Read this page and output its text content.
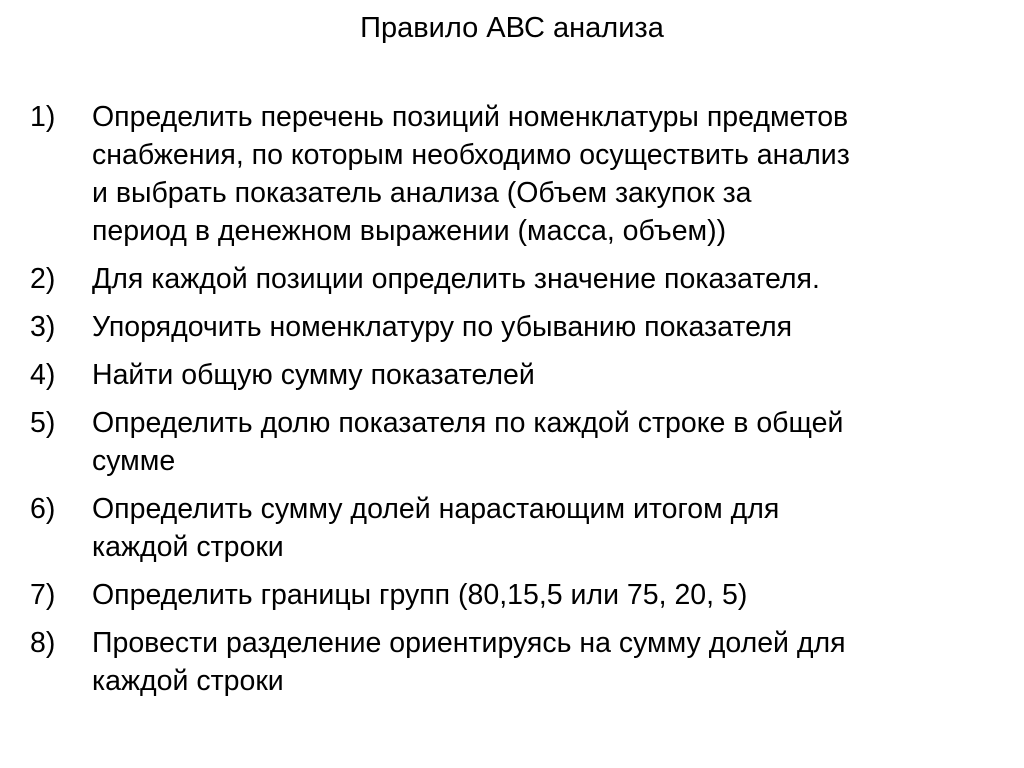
Правило АВС анализа
1) Определить перечень позиций номенклатуры предметов
снабжения, по которым необходимо осуществить анализ
и выбрать показатель анализа (Объем закупок за
период в денежном выражении (масса, объем))
2) Для каждой позиции определить значение показателя.
3) Упорядочить номенклатуру по убыванию показателя
4) Найти общую сумму показателей
5) Определить долю показателя по каждой строке в общей
сумме
6) Определить сумму долей нарастающим итогом для
каждой строки
7) Определить границы групп (80,15,5 или 75, 20, 5)
8) Провести разделение ориентируясь на сумму долей для
каждой строки
